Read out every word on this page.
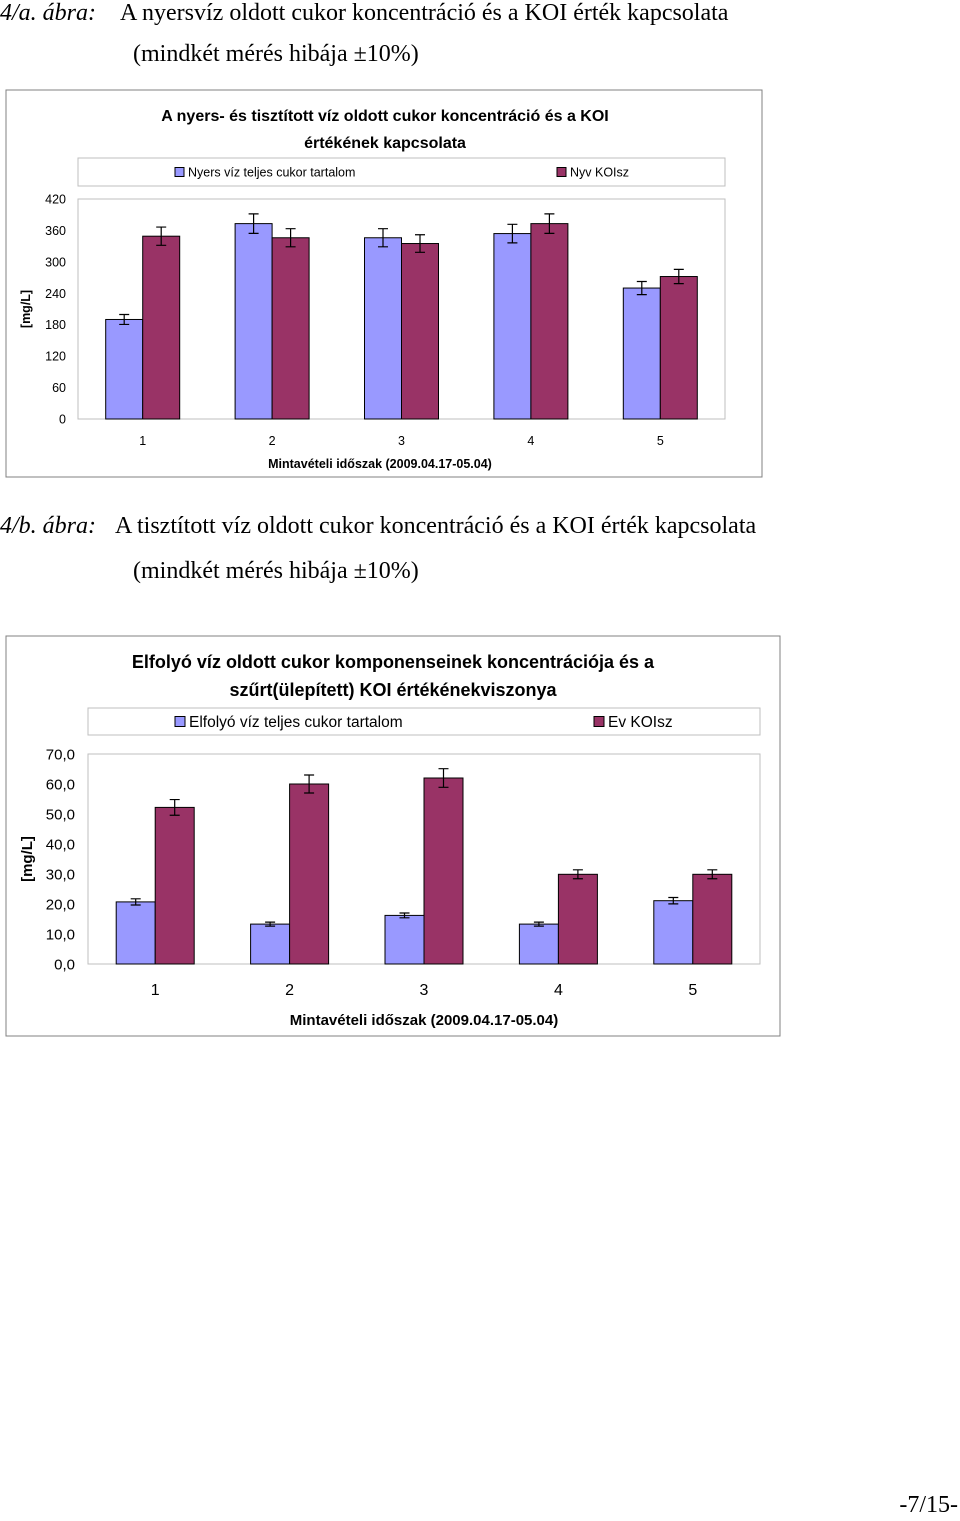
4/a. ábra: A nyersvíz oldott cukor koncentráció és a KOI érték kapcsolata
(mindkét mérés hibája ±10%)
A nyers- és tisztított víz oldott cukor koncentráció és a KOI
értékének kapcsolata
Nyers víz teljes cukor tartalom	Nyv KOIsz
0
60
120
180
240
300
360
420
[mg/L]
1	2	3	4	5
Mintavételi időszak (2009.04.17-05.04)
4/b. ábra: A tisztított víz oldott cukor koncentráció és a KOI érték kapcsolata
(mindkét mérés hibája ±10%)
Elfolyó víz oldott cukor komponenseinek koncentrációja és a
szűrt(ülepített) KOI értékénekviszonya
Elfolyó víz teljes cukor tartalom	Ev KOIsz
0,0
10,0
20,0
30,0
40,0
50,0
60,0
70,0
[mg/L]
1	2	3	4	5
Mintavételi időszak (2009.04.17-05.04)
-7/15-
